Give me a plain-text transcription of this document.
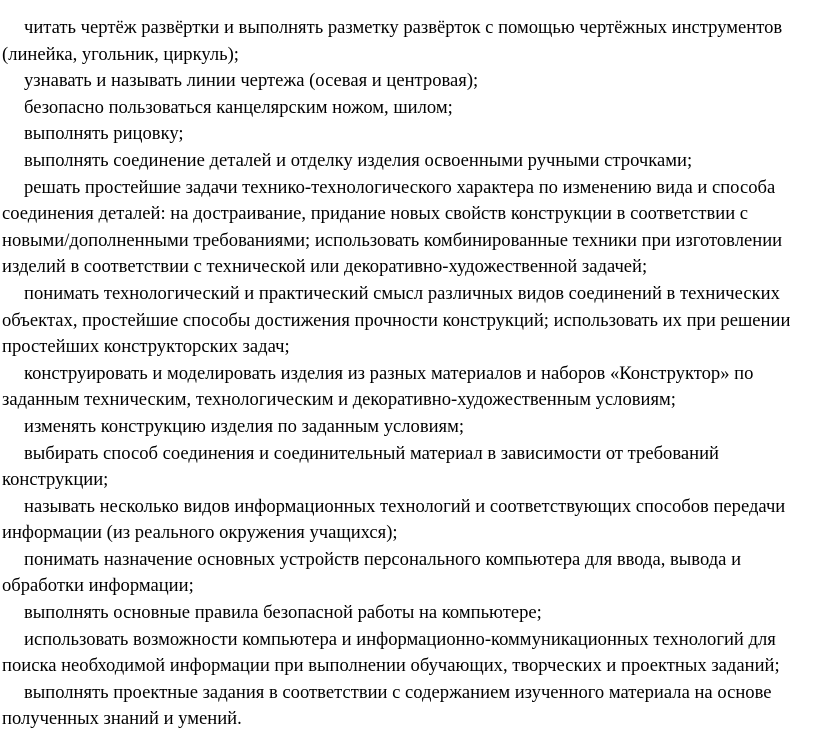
читать чертёж развёртки и выполнять разметку развёрток с помощью чертёжных инструментов (линейка, угольник, циркуль);
узнавать и называть линии чертежа (осевая и центровая);
безопасно пользоваться канцелярским ножом, шилом;
выполнять рицовку;
выполнять соединение деталей и отделку изделия освоенными ручными строчками;
решать простейшие задачи технико-технологического характера по изменению вида и способа соединения деталей: на достраивание, придание новых свойств конструкции в соответствии с новыми/дополненными требованиями; использовать комбинированные техники при изготовлении изделий в соответствии с технической или декоративно-художественной задачей;
понимать технологический и практический смысл различных видов соединений в технических объектах, простейшие способы достижения прочности конструкций; использовать их при решении простейших конструкторских задач;
конструировать и моделировать изделия из разных материалов и наборов «Конструктор» по заданным техническим, технологическим и декоративно-художественным условиям;
изменять конструкцию изделия по заданным условиям;
выбирать способ соединения и соединительный материал в зависимости от требований конструкции;
называть несколько видов информационных технологий и соответствующих способов передачи информации (из реального окружения учащихся);
понимать назначение основных устройств персонального компьютера для ввода, вывода и обработки информации;
выполнять основные правила безопасной работы на компьютере;
использовать возможности компьютера и информационно-коммуникационных технологий для поиска необходимой информации при выполнении обучающих, творческих и проектных заданий;
выполнять проектные задания в соответствии с содержанием изученного материала на основе полученных знаний и умений.
